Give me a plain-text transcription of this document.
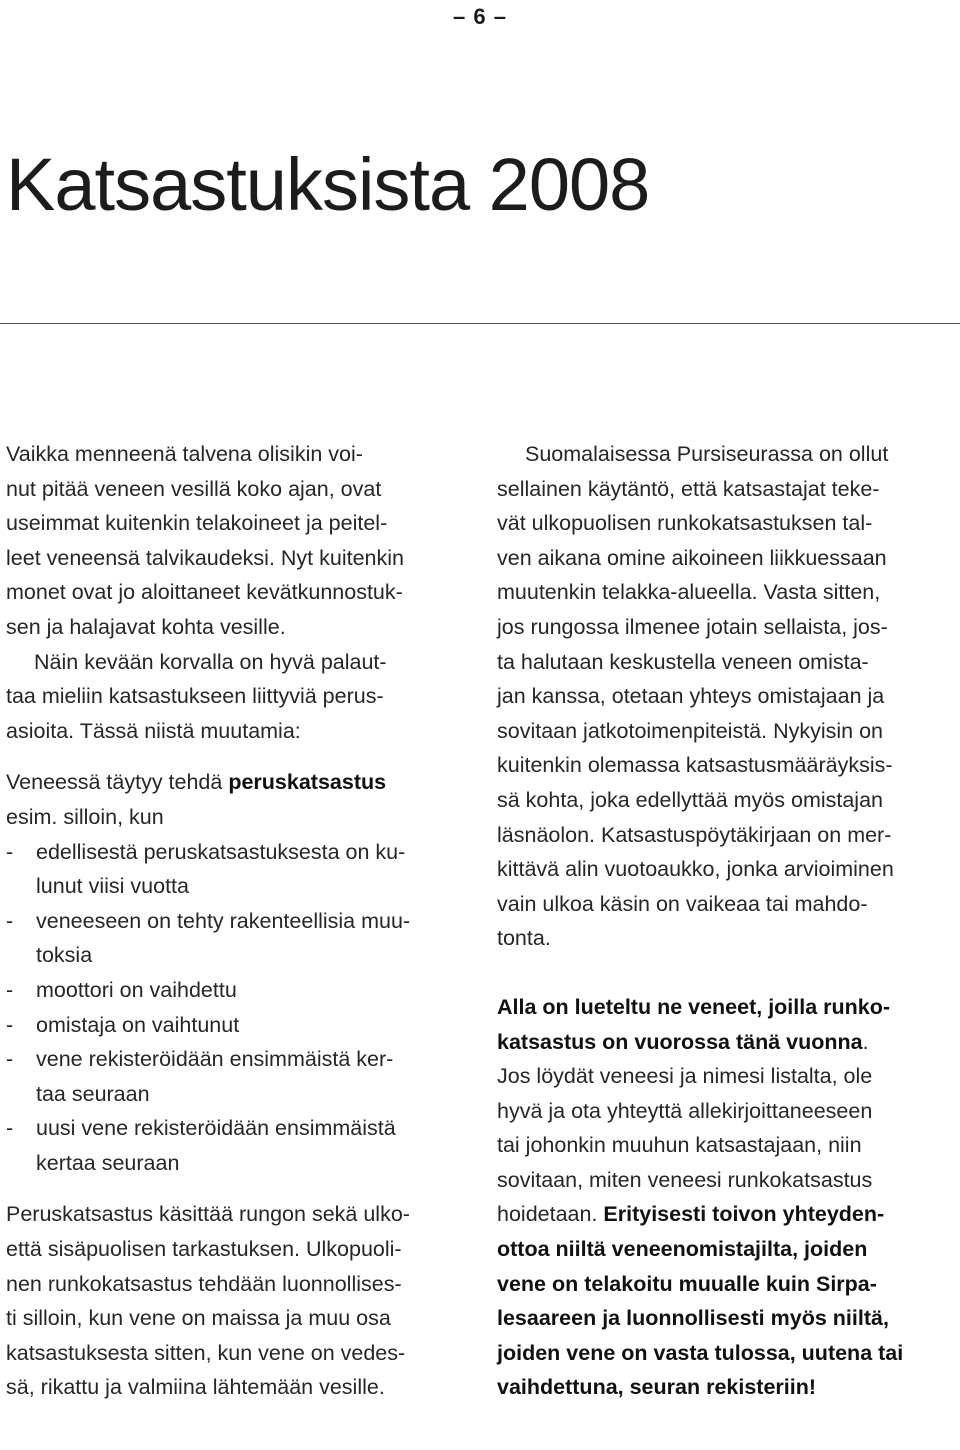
– 6 –
Katsastuksista 2008
Vaikka menneenä talvena olisikin voi-
nut pitää veneen vesillä koko ajan, ovat
useimmat kuitenkin telakoineet ja peitel-
leet veneensä talvikaudeksi. Nyt kuitenkin
monet ovat jo aloittaneet kevätkunnostuk-
sen ja halajavat kohta vesille.
Näin kevään korvalla on hyvä palaut-
taa mieliin katsastukseen liittyviä perus-
asioita. Tässä niistä muutamia:
Veneessä täytyy tehdä peruskatsastus
esim. silloin, kun
- edellisestä peruskatsastuksesta on ku-
lunut viisi vuotta
- veneeseen on tehty rakenteellisia muu-
toksia
- moottori on vaihdettu
- omistaja on vaihtunut
- vene rekisteröidään ensimmäistä ker-
taa seuraan
- uusi vene rekisteröidään ensimmäistä
kertaa seuraan
Peruskatsastus käsittää rungon sekä ulko-
että sisäpuolisen tarkastuksen. Ulkopuoli-
nen runkokatsastus tehdään luonnollises-
ti silloin, kun vene on maissa ja muu osa
katsastuksesta sitten, kun vene on vedes-
sä, rikattu ja valmiina lähtemään vesille.
Suomalaisessa Pursiseurassa on ollut
sellainen käytäntö, että katsastajat teke-
vät ulkopuolisen runkokatsastuksen tal-
ven aikana omine aikoineen liikkuessaan
muutenkin telakka-alueella. Vasta sitten,
jos rungossa ilmenee jotain sellaista, jos-
ta halutaan keskustella veneen omista-
jan kanssa, otetaan yhteys omistajaan ja
sovitaan jatkotoimenpiteistä. Nykyisin on
kuitenkin olemassa katsastusmääräyksis-
sä kohta, joka edellyttää myös omistajan
läsnäolon. Katsastuspöytäkirjaan on mer-
kittävä alin vuotoaukko, jonka arvioiminen
vain ulkoa käsin on vaikeaa tai mahdo-
tonta.
Alla on lueteltu ne veneet, joilla runko-
katsastus on vuorossa tänä vuonna.
Jos löydät veneesi ja nimesi listalta, ole
hyvä ja ota yhteyttä allekirjoittaneeseen
tai johonkin muuhun katsastajaan, niin
sovitaan, miten veneesi runkokatsastus
hoidetaan. Erityisesti toivon yhteyden-
ottoa niiltä veneenomistajilta, joiden
vene on telakoitu muualle kuin Sirpa-
lesaareen ja luonnollisesti myös niiltä,
joiden vene on vasta tulossa, uutena tai
vaihdettuna, seuran rekisteriin!
